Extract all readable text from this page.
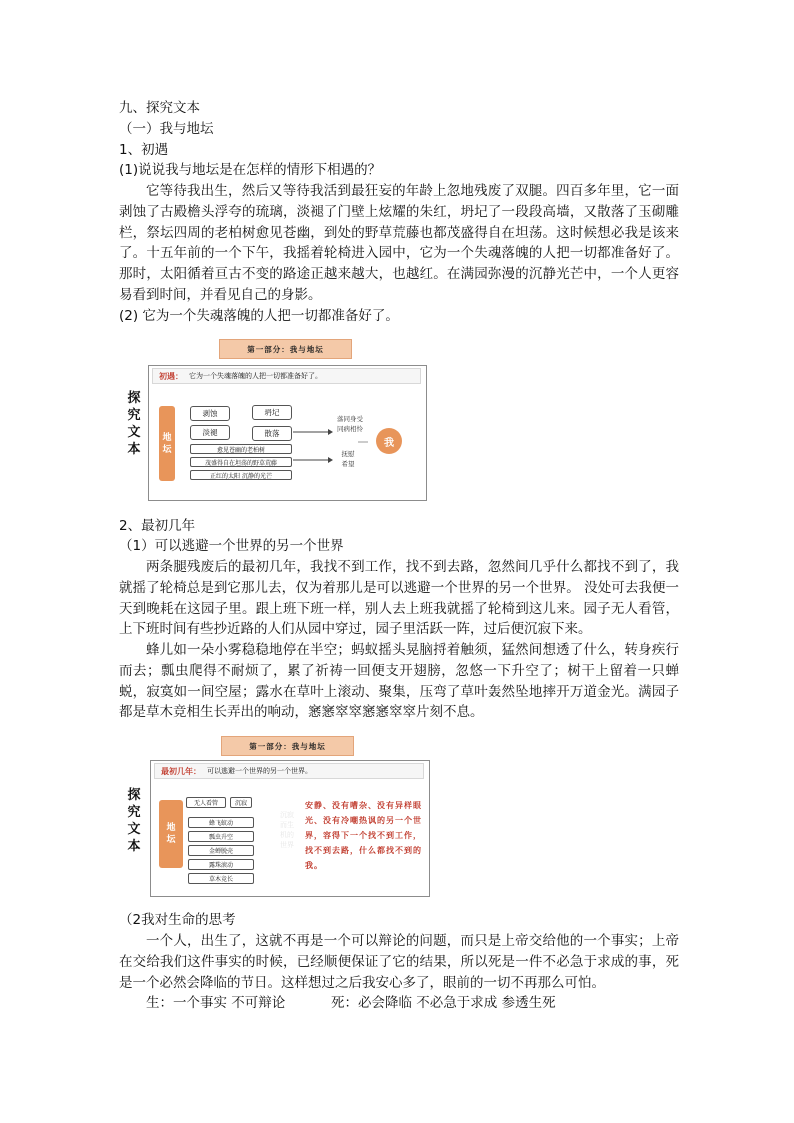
九、探究文本
（一）我与地坛
1、初遇
(1)说说我与地坛是在怎样的情形下相遇的？
它等待我出生，然后又等待我活到最狂妄的年龄上忽地残废了双腿。四百多年里，它一面剥蚀了古殿檐头浮夸的琉璃，淡褪了门壁上炫耀的朱红，坍圮了一段段高墙，又散落了玉砌雕栏，祭坛四周的老柏树愈见苍幽，到处的野草荒藤也都茂盛得自在坦荡。这时候想必我是该来了。十五年前的一个下午，我摇着轮椅进入园中，它为一个失魂落魄的人把一切都准备好了。那时，太阳循着亘古不变的路途正越来越大，也越红。在满园弥漫的沉静光芒中，一个人更容易看到时间，并看见自己的身影。
(2) 它为一个失魂落魄的人把一切都准备好了。
第一部分：我与地坛
探
究
文
本
初遇： 它为一个失魂落魄的人把一切都准备好了。
地
坛
剥蚀	坍圮
淡褪	散落
愈见苍幽的老柏树
茂盛得自在坦荡的野草荒藤
正红的太阳 沉静的光芒
落同身受
同病相怜
抚慰
希望
我
2、最初几年
（1）可以逃避一个世界的另一个世界
两条腿残废后的最初几年，我找不到工作，找不到去路，忽然间几乎什么都找不到了，我就摇了轮椅总是到它那儿去，仅为着那儿是可以逃避一个世界的另一个世界。 没处可去我便一天到晚耗在这园子里。跟上班下班一样，别人去上班我就摇了轮椅到这儿来。园子无人看管，上下班时间有些抄近路的人们从园中穿过，园子里活跃一阵，过后便沉寂下来。
蜂儿如一朵小雾稳稳地停在半空；蚂蚁摇头晃脑捋着触须，猛然间想透了什么，转身疾行而去；瓢虫爬得不耐烦了，累了祈祷一回便支开翅膀，忽悠一下升空了；树干上留着一只蝉蜕，寂寞如一间空屋；露水在草叶上滚动、聚集，压弯了草叶轰然坠地摔开万道金光。满园子都是草木竞相生长弄出的响动，窸窸窣窣窸窸窣窣片刻不息。
第一部分：我与地坛
探
究
文
本
最初几年： 可以逃避一个世界的另一个世界。
地
坛
无人看管	沉寂
蜂飞蚁动
瓢虫升空
金蝉脱壳
露珠滚动
草木竞长
沉寂而生机的世界
安静、没有嘈杂、没有异样眼光、没有冷嘲热讽的另一个世界，容得下一个找不到工作，找不到去路，什么都找不到的我。
（2我对生命的思考
一个人，出生了，这就不再是一个可以辩论的问题，而只是上帝交给他的一个事实；上帝在交给我们这件事实的时候，已经顺便保证了它的结果，所以死是一件不必急于求成的事，死是一个必然会降临的节日。这样想过之后我安心多了，眼前的一切不再那么可怕。
生：一个事实 不可辩论	死：必会降临 不必急于求成 参透生死
